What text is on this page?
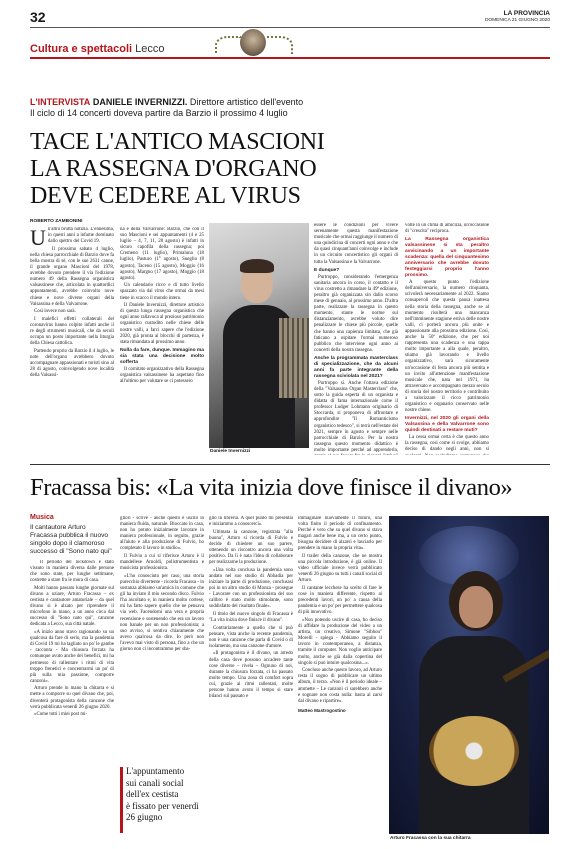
32	LA PROVINCIA
DOMENICA 21 GIUGNO 2020
Cultura e spettacoli Lecco
L'INTERVISTA DANIELE INVERNIZZI. Direttore artistico dell'evento
Il ciclo di 14 concerti doveva partire da Barzio il prossimo 4 luglio
TACE L'ANTICO MASCIONI
LA RASSEGNA D'ORGANO
DEVE CEDERE AL VIRUS
ROBERTO ZAMBONINI
U n'altra brutta notizia. L'ennesima, in questi anni a infame dominato dallo spettro del Covid 19.

Il prossimo sabato 4 luglio, nella chiesa parrocchiale di Barzio dove fa bella mostra di sé, con le sue 2631 canne, il grande organo Mascioni del 1978, avrebbe dovuto prendere il via l'edizione numero 49 della Rassegna organistica valsassinese che, articolata in quattordici appuntamenti, avrebbe coinvolto nove chiese e nove diverse organi della Valsassina e della Valvarrone.

Così invece non sarà.

I malefici effetti collaterali del coronavirus hanno colpito infatti anche il re degli strumenti musicali, che da secoli occupa un posto importante nella liturgia della Chiesa cattolica.

Partendo proprio da Barzio il 4 luglio, le note dell'organo avrebbero dovuto accompagnare appassionati e turisti sino al 28 di agosto, coinvolgendo nove località della Valsassi-

na e della Valvarrone: Barzio, che con il suo Mascioni e sei appuntamenti (4 e 25 luglio – 4, 7, 11, 28 agosto) è infatti in sicuro capofila della rassegna; poi Cremeno (11 luglio), Primaluna (18 luglio), Pasturo (1° agosto), Sueglio (8 agosto), Taceno (15 agosto), Moggio (16 agosto), Margno (17 agosto), Moggio (18 agosto).

Un calendario ricco e di tutto livello spazzato via dal virus che ormai da mesi tiene in scacco il mondo intero.

Il Daniele Invernizzi, direttore artistico di questa lunga rassegna organistica che ogni anno rallavoca al prezioso patrimonio organistico custodito nelle chiese delle nostre valli, a farci sapere che l'edizione 2020, già pronta ai blocchi di partenza, è stata rimandata al prossimo anno.

Nulla da fare, dunque. Immagino ma sia stata una decisione molto sofferta

Il comitato organizzativo della Rassegna organistica valsassinese ha aspettato fino all'ultimo per valutare se ci potessero

Daniele Invernizzi

essere le condizioni per vivere serenamente questa manifestazione musicale che ormai raggiunge il numero di una quindicina di concerti ogni anno e che da quasi cinquant'anni coinvolge e include in un circuito concertistico gli organi di tutta la Valsassina e la Valvarrone.

E dunque?

Purtroppo, considerando l'emergenza sanitaria ancora in corso, il contatto e il virus costretto a rimandare la 49ª edizione, peraltro già organizzata sin dallo scorso mese di gennaio, al prossimo anno. D'altra parte, realizzare la rassegna in questo momento, stante le norme sul distanziamento, avrebbe voluto dire penalizzare le chiese più piccole, quelle che hanno una capienza limitata, che già faticano a ospitare l'ormai numeroso pubblico che interviene ogni anno ai concerti della nostra rassegna.

Anche la programmata masterclass di specializzazione, che da alcuni anni fa parte integrante della rassegna sciviolata nel 2021?

Purtroppo sì. Anche l'ottava edizione della "Valsassina Organ Masterclass" che, sotto la guida esperta di un organista e didatta di fama internazionale come il professor Ludger Lohmann originario di Stoccarda, si proponeva di affrontare e approfondire "Il Romanticismo organistico tedesco", si terrà nell'estate del 2021, sempre in agosto e sempre nelle parrocchiale di Barzio. Per la nostra rassegna questo momento didattico è molto importante perché ad apprenderla,

volte in un clima di amicizia, un'occasione di "crescita" reciproca.

La Rassegna organistica valsassinese si sta peraltro avvicinando a un importante scadenza: quella del cinquantesimo anniversario che avrebbe dovuto festeggiarsi proprio l'anno prossimo.

A questo punto l'edizione dell'anniversario, la numero cinquanta, scivolerà necessariamente al 2022. Siamo consapevoli che questa pausa inattesa nella storia della rassegna, anche se al momento risulterà una mancanza nell'imminente stagione estiva delle nostre valli, ci porterà ancora più unite e appassionate alla prossima edizione. Così, anche la 50ª edizione, che per noi rappresenta una scadenza e una tappa molto importante a alla quale, peraltro, stiamo già lavorando e livello organizzativo, sarà sicuramente un'occasione di festa ancora più sentita e un invito all'attenzione manifestazione musicale che, nata nel 1971, ha attraversato e accompagnato mezzo secolo di storia del nostro territorio e contribuito a valorizzare il ricco patrimonio organistico e organario conservato nelle nostre chiese.

Invernizzi, nel 2020 gli organi della Valsassina e della Valvarrone sono quindi destinati a restare muti?

La cessa ormai certa è che questo anno la rassegna, così come si svolge, abbiamo deciso di dando negli anni, non si

Fracassa bis: «La vita inizia dove finisce il divano»
Musica
Il cantautore Arturo Fracassa pubblica il nuovo singolo dopo il clamoroso successo di "Sono nato qui"

Il periodo del lockdown è stato vissuto in maniera diversa dalle persone che sono state, per lunghe settimane, costrette a stare fra le mura di casa.

Molti hanno passato lunghe giornate sul divano a oziare, Arturo Fracassa – ex cestista e cantautore amatoriale – da quel divano si è alzato per riprendere il microfono in mano, a un anno circa dal successo di "Sono nato qui", canzone dedicata a Lecco, sua città natale.

«A inizio anno stavo ragionando su un qualcosa da fare di serio, ma la pandemia di Covid 19 mi ha tagliato un po' le gambe - racconta - Ma chiusura forzata ha comunque avuto anche dei benefici, mi ha permesso di rallentare i ritmi di vita troppo frenetici e concentrarmi un po' di più sulla mia passione, comporre canzoni».

Arturo prende in mano la chitarra e si mette a comporre su quel divano che, poi, diventerà protagonista della canzone che verrà pubblicata venerdì 26 giugno 2020.

«Come tutti i miei post mi-

gliori - scrive - anche questo è uscito in maniera fluida, naturale. Bloccato in casa, non ho potuto inizialmente lavorare in maniera professionale, in seguito, grazie all'aiuto e alla produzione di Fulvio, ho completato il lavoro in studio».

Il Fulvio a cui si riferisce Arturo è il mandellese Arnoldi, polistrumentista e musicista professionista.

«L'ho conosciuto per caso, una storia purecchio divertente - ricorda Fracassa - in sostanza abbiamo un'amica in comune che gli ha inviato il mio secondo disco. Fulvio l'ha ascoltato e, in maniera molto cortese, mi ha fatto sapere quello che ne pensava via web. Facendomi una vera e propria recensione e sostenendo che era un lavoro non banale per un non professionista; a suo avviso, si sentiva chiaramente che avevo qualcosa da dire. Io però non l'avevo mai visto di persona, fino a che un giorno non ci incontrammo per sba-

L'appuntamento
sui canali social
dell'ex cestista
è fissato per venerdì
26 giugno

glio in libreria. A quel punto mi presentai e iniziammo a conoscerci».

Ultimata la canzone, registrata "alla buona", Arturo si ricorda di Fulvio e decide di chiedere un suo parere, ottenendo un riscontro ancora una volta positivo. Da lì è nata l'idea di collaborare per realizzarne la produzione.

«Una volta conclusa la pandemia sono andato nel suo studio di Abbadia per iniziare la parte di produzione, conclusasi poi in un altro studio di Monza - prosegue - Lavorare con un professionista del suo calibro è stato molto stimolante, sono soddisfatto del risultato finale».

Il titolo del nuovo singolo di Fracassa è "La vita inizia dove finisce il divano".

Contrariamente a quello che si può pensare, vista anche la recente pandemia, non è una canzone che parla di Covid o di isolamento, ma una canzone d'amore.

«Il protagonista è il divano, un arredo della casa dove possono accadere tante cose diverse – rivela – Ognuno di noi, durante la chiusura forzata, ci ha passato molto tempo. Una zona di comfort sopra cui, grazie ai ritmi rallentati, molte persone hanno avuto il tempo si stare bilanci sul passato e

immaginare nuovamente il futuro, una volta finito il periodo di confinamento. Perché è vero che su quel divano si stava magari anche bene ma, a un certo punto, bisogna decidere di alzarsi e lasciarlo per prendere in mano la propria vita».

Il trailer della canzone, che ne mostra una piccola introduzione, è già online. Il video ufficiale invece verrà pubblicato venerdì 26 giugno su tutti i canali social di Arturo.

Il cantante lecchese ha scelto di fare le cose in maniera differente, rispetto ai precedenti lavori, un po' a causa della pandemia e un po' per permettere qualcosa di più innovativo.

«Non potendo uscire di casa, ho deciso di affidare la produzione del video a un artista, un creativo, Simone "Sibhou" Morelli - spiega - Abbiamo seguito il lavoro in contemporanea, a distanza, tramite il computer. Non voglio anticipare molto, anche se già dalla copertina del singolo si può intuire qualcosina...».

Concluso anche questo lavoro, ad Arturo resta il sogno di pubblicare un ultimo album, il terzo. «Non è il periodo ideale – ammette – Le canzoni ci sarebbero anche e sognare non costa nulla: basta al zarsi dal divano e ripartire».

Matteo Mastrogostino

Arturo Fracassa con la sua chitarra
